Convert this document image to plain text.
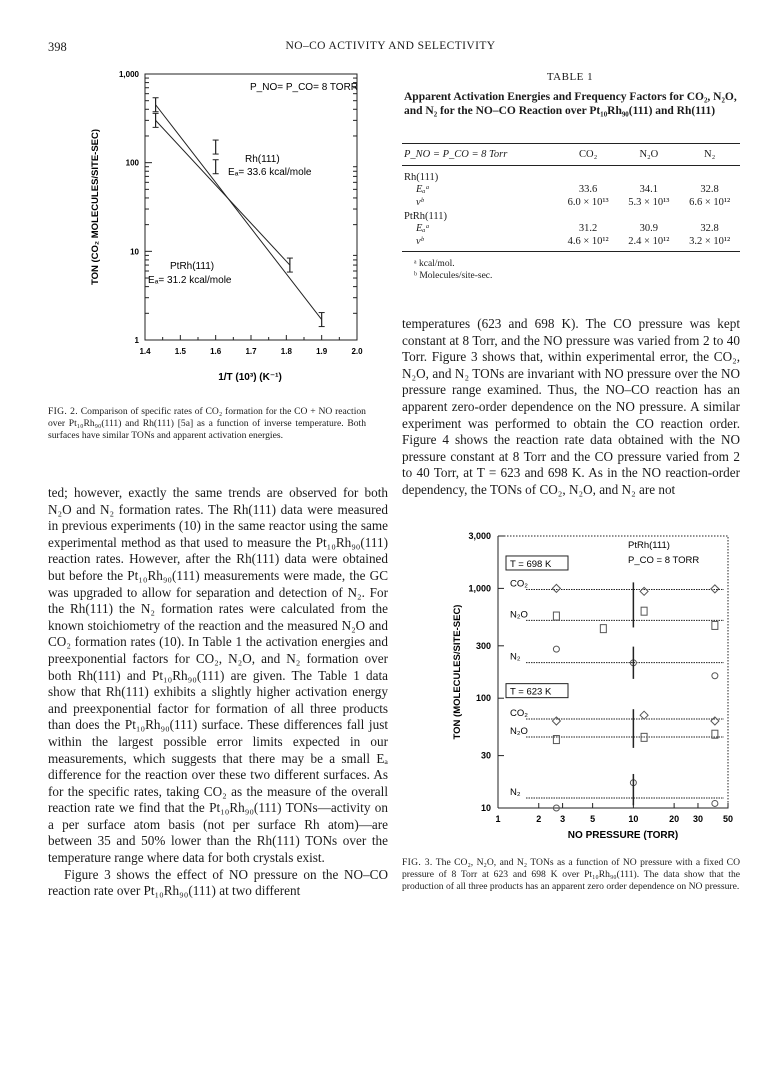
398	NO–CO ACTIVITY AND SELECTIVITY
1.4	1.5	1.6	1.7	1.8	1.9	2.0
1,000
100
10
1
1/T (10³) (K⁻¹)
TON (CO₂ MOLECULES/SITE-SEC)
P_NO= P_CO= 8 TORR
Rh(111)
Eₐ= 33.6 kcal/mole
PtRh(111)
Eₐ= 31.2 kcal/mole
FIG. 2. Comparison of specific rates of CO₂ formation for the CO + NO reaction over Pt₁₀Rh₉₀(111) and Rh(111) [5a] as a function of inverse temperature. Both surfaces have similar TONs and apparent activation energies.
TABLE 1
Apparent Activation Energies and Frequency Factors for CO₂, N₂O, and N₂ for the NO–CO Reaction over Pt₁₀Rh₉₀(111) and Rh(111)
P_NO = P_CO = 8 Torr	CO₂	N₂O	N₂
Rh(111)			
Eₐᵃ	33.6	34.1	32.8
νᵇ	6.0 × 10¹³	5.3 × 10¹³	6.6 × 10¹²
PtRh(111)			
Eₐᵃ	31.2	30.9	32.8
νᵇ	4.6 × 10¹²	2.4 × 10¹²	3.2 × 10¹²
ᵃ kcal/mol.
ᵇ Molecules/site-sec.

temperatures (623 and 698 K). The CO pressure was kept constant at 8 Torr, and the NO pressure was varied from 2 to 40 Torr. Figure 3 shows that, within experimental error, the CO₂, N₂O, and N₂ TONs are invariant with NO pressure over the NO pressure range examined. Thus, the NO–CO reaction has an apparent zero-order dependence on the NO pressure. A similar experiment was performed to obtain the CO reaction order. Figure 4 shows the reaction rate data obtained with the NO pressure constant at 8 Torr and the CO pressure varied from 2 to 40 Torr, at T = 623 and 698 K. As in the NO reaction-order dependency, the TONs of CO₂, N₂O, and N₂ are not

ted; however, exactly the same trends are observed for both N₂O and N₂ formation rates. The Rh(111) data were measured in previous experiments (10) in the same reactor using the same experimental method as that used to measure the Pt₁₀Rh₉₀(111) reaction rates. However, after the Rh(111) data were obtained but before the Pt₁₀Rh₉₀(111) measurements were made, the GC was upgraded to allow for separation and detection of N₂. For the Rh(111) the N₂ formation rates were calculated from the known stoichiometry of the reaction and the measured N₂O and CO₂ formation rates (10). In Table 1 the activation energies and preexponential factors for CO₂, N₂O, and N₂ formation over both Rh(111) and Pt₁₀Rh₉₀(111) are given. The Table 1 data show that Rh(111) exhibits a slightly higher activation energy and preexponential factor for formation of all three products than does the Pt₁₀Rh₉₀(111) surface. These differences fall just within the largest possible error limits expected in our measurements, which suggests that there may be a small Eₐ difference for the reaction over these two different surfaces. As for the specific rates, taking CO₂ as the measure of the overall reaction rate we find that the Pt₁₀Rh₉₀(111) TONs—activity on a per surface atom basis (not per surface Rh atom)—are between 35 and 50% lower than the Rh(111) TONs over the temperature range where data for both crystals exist.

Figure 3 shows the effect of NO pressure on the NO–CO reaction rate over Pt₁₀Rh₉₀(111) at two different

1	2 3	5	10	20 30 50
3,000
1,000
300
100
30
10
NO PRESSURE (TORR)
TON (MOLECULES/SITE-SEC)
PtRh(111)
P_CO = 8 TORR
T = 698 K
T = 623 K
CO₂
N₂O
N₂
CO₂
N₂O
N₂
FIG. 3. The CO₂, N₂O, and N₂ TONs as a function of NO pressure with a fixed CO pressure of 8 Torr at 623 and 698 K over Pt₁₀Rh₉₀(111). The data show that the production of all three products has an apparent zero order dependence on NO pressure.
